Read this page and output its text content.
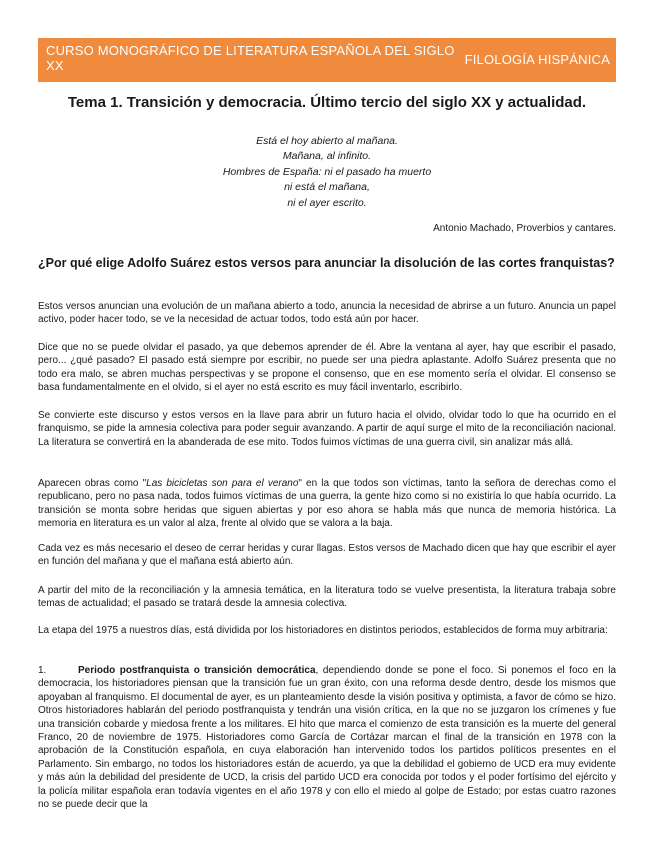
CURSO MONOGRÁFICO DE LITERATURA ESPAÑOLA DEL SIGLO XX	FILOLOGÍA HISPÁNICA
Tema 1. Transición y democracia. Último tercio del siglo XX y actualidad.
Está el hoy abierto al mañana.
Mañana, al infinito.
Hombres de España: ni el pasado ha muerto
ni está el mañana,
ni el ayer escrito.
Antonio Machado, Proverbios y cantares.
¿Por qué elige Adolfo Suárez estos versos para anunciar la disolución de las cortes franquistas?

Estos versos anuncian una evolución de un mañana abierto a todo, anuncia la necesidad de abrirse a un futuro. Anuncia un papel activo, poder hacer todo, se ve la necesidad de actuar todos, todo está aún por hacer.

Dice que no se puede olvidar el pasado, ya que debemos aprender de él. Abre la ventana al ayer, hay que escribir el pasado, pero... ¿qué pasado? El pasado está siempre por escribir, no puede ser una piedra aplastante. Adolfo Suárez presenta que no todo era malo, se abren muchas perspectivas y se propone el consenso, que en ese momento sería el olvidar. El consenso se basa fundamentalmente en el olvido, si el ayer no está escrito es muy fácil inventarlo, escribirlo.

Se convierte este discurso y estos versos en la llave para abrir un futuro hacia el olvido, olvidar todo lo que ha ocurrido en el franquismo, se pide la amnesia colectiva para poder seguir avanzando. A partir de aquí surge el mito de la reconciliación nacional. La literatura se convertirá en la abanderada de ese mito. Todos fuimos víctimas de una guerra civil, sin analizar más allá.

Aparecen obras como "Las bicicletas son para el verano" en la que todos son víctimas, tanto la señora de derechas como el republicano, pero no pasa nada, todos fuimos víctimas de una guerra, la gente hizo como si no existiría lo que había ocurrido. La transición se monta sobre heridas que siguen abiertas y por eso ahora se habla más que nunca de memoria histórica. La memoria en literatura es un valor al alza, frente al olvido que se valora a la baja.

Cada vez es más necesario el deseo de cerrar heridas y curar llagas. Estos versos de Machado dicen que hay que escribir el ayer en función del mañana y que el mañana está abierto aún.

A partir del mito de la reconciliación y la amnesia temática, en la literatura todo se vuelve presentista, la literatura trabaja sobre temas de actualidad; el pasado se tratará desde la amnesia colectiva.

La etapa del 1975 a nuestros días, está dividida por los historiadores en distintos periodos, establecidos de forma muy arbitraria:

1.	Periodo postfranquista o transición democrática, dependiendo donde se pone el foco. Si ponemos el foco en la democracia, los historiadores piensan que la transición fue un gran éxito, con una reforma desde dentro, desde los mismos que apoyaban al franquismo. El documental de ayer, es un planteamiento desde la visión positiva y optimista, a favor de cómo se hizo. Otros historiadores hablarán del periodo postfranquista y tendrán una visión crítica, en la que no se juzgaron los crímenes y fue una transición cobarde y miedosa frente a los militares. El hito que marca el comienzo de esta transición es la muerte del general Franco, 20 de noviembre de 1975. Historiadores como García de Cortázar marcan el final de la transición en 1978 con la aprobación de la Constitución española, en cuya elaboración han intervenido todos los partidos políticos presentes en el Parlamento. Sin embargo, no todos los historiadores están de acuerdo, ya que la debilidad el gobierno de UCD era muy evidente y más aún la debilidad del presidente de UCD, la crisis del partido UCD era conocida por todos y el poder fortísimo del ejército y la policía militar española eran todavía vigentes en el año 1978 y con ello el miedo al golpe de Estado; por estas cuatro razones no se puede decir que la
